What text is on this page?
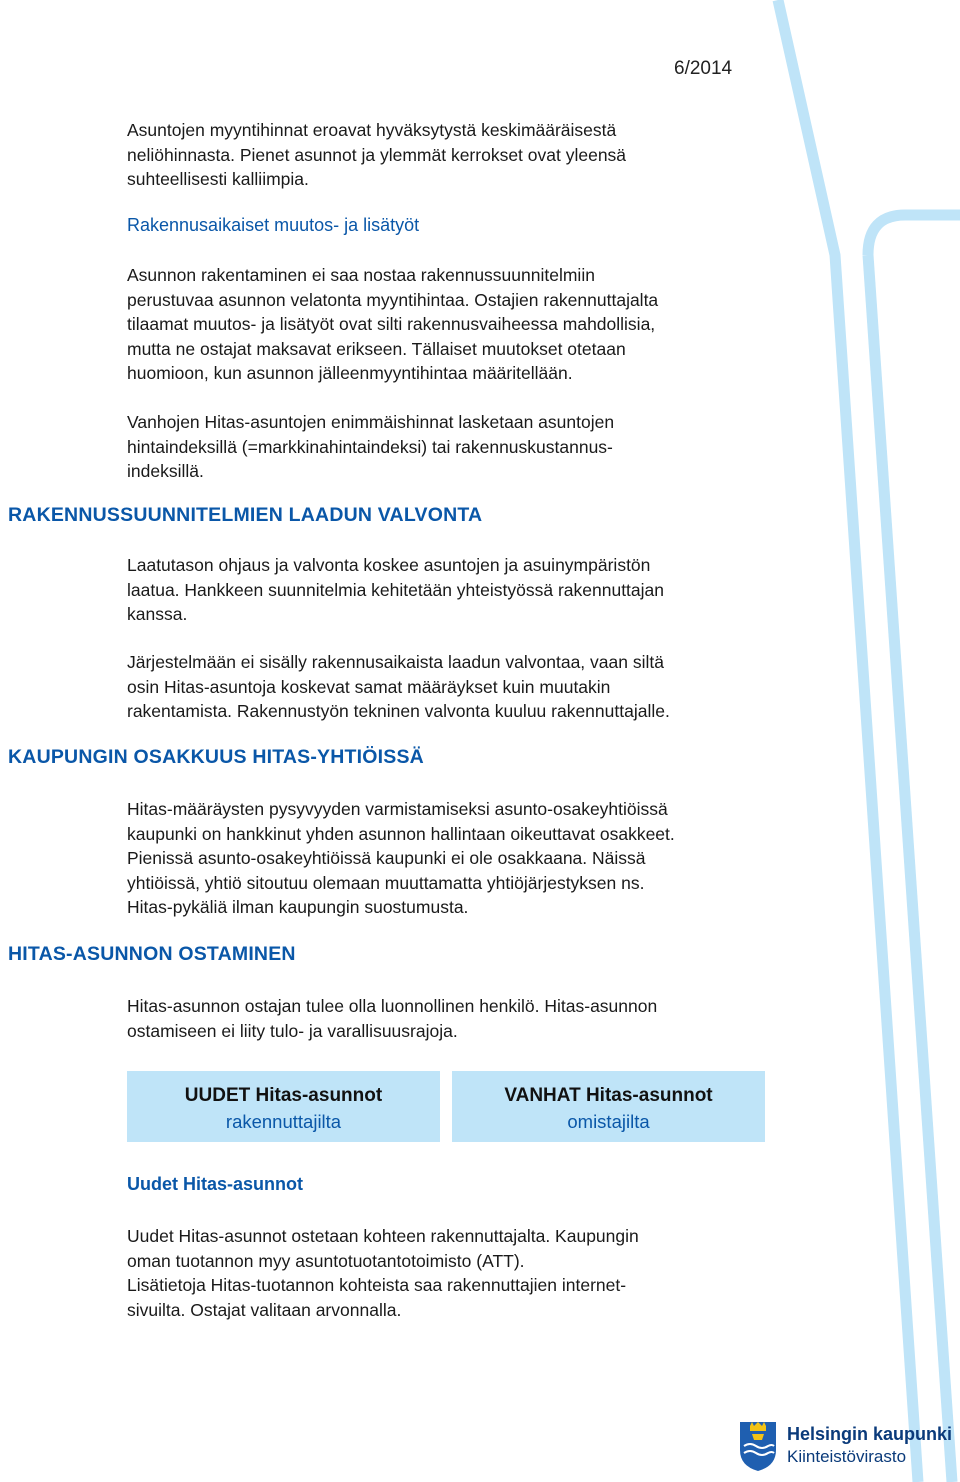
6/2014
Asuntojen myyntihinnat eroavat hyväksytystä keskimääräisestä
neliöhinnasta. Pienet asunnot ja ylemmät kerrokset ovat yleensä
suhteellisesti kalliimpia.
Rakennusaikaiset muutos- ja lisätyöt
Asunnon rakentaminen ei saa nostaa rakennussuunnitelmiin
perustuvaa asunnon velatonta myyntihintaa. Ostajien rakennuttajalta
tilaamat muutos- ja lisätyöt ovat silti rakennusvaiheessa mahdollisia,
mutta ne ostajat maksavat erikseen. Tällaiset muutokset otetaan
huomioon, kun asunnon jälleenmyyntihintaa määritellään.
Vanhojen Hitas-asuntojen enimmäishinnat lasketaan asuntojen
hintaindeksillä (=markkinahintaindeksi) tai rakennuskustannus-
indeksillä.
RAKENNUSSUUNNITELMIEN LAADUN VALVONTA
Laatutason ohjaus ja valvonta koskee asuntojen ja asuinympäristön
laatua. Hankkeen suunnitelmia kehitetään yhteistyössä rakennuttajan
kanssa.
Järjestelmään ei sisälly rakennusaikaista laadun valvontaa, vaan siltä
osin Hitas-asuntoja koskevat samat määräykset kuin muutakin
rakentamista. Rakennustyön tekninen valvonta kuuluu rakennuttajalle.
KAUPUNGIN OSAKKUUS HITAS-YHTIÖISSÄ
Hitas-määräysten pysyvyyden varmistamiseksi asunto-osakeyhtiöissä
kaupunki on hankkinut yhden asunnon hallintaan oikeuttavat osakkeet.
Pienissä asunto-osakeyhtiöissä kaupunki ei ole osakkaana. Näissä
yhtiöissä, yhtiö sitoutuu olemaan muuttamatta yhtiöjärjestyksen ns.
Hitas-pykäliä ilman kaupungin suostumusta.
HITAS-ASUNNON OSTAMINEN
Hitas-asunnon ostajan tulee olla luonnollinen henkilö. Hitas-asunnon
ostamiseen ei liity tulo- ja varallisuusrajoja.
UUDET Hitas-asunnot
rakennuttajilta
VANHAT Hitas-asunnot
omistajilta
Uudet Hitas-asunnot
Uudet Hitas-asunnot ostetaan kohteen rakennuttajalta. Kaupungin
oman tuotannon myy asuntotuotantotoimisto (ATT).
Lisätietoja Hitas-tuotannon kohteista saa rakennuttajien internet-
sivuilta. Ostajat valitaan arvonnalla.
Helsingin kaupunki
Kiinteistövirasto
